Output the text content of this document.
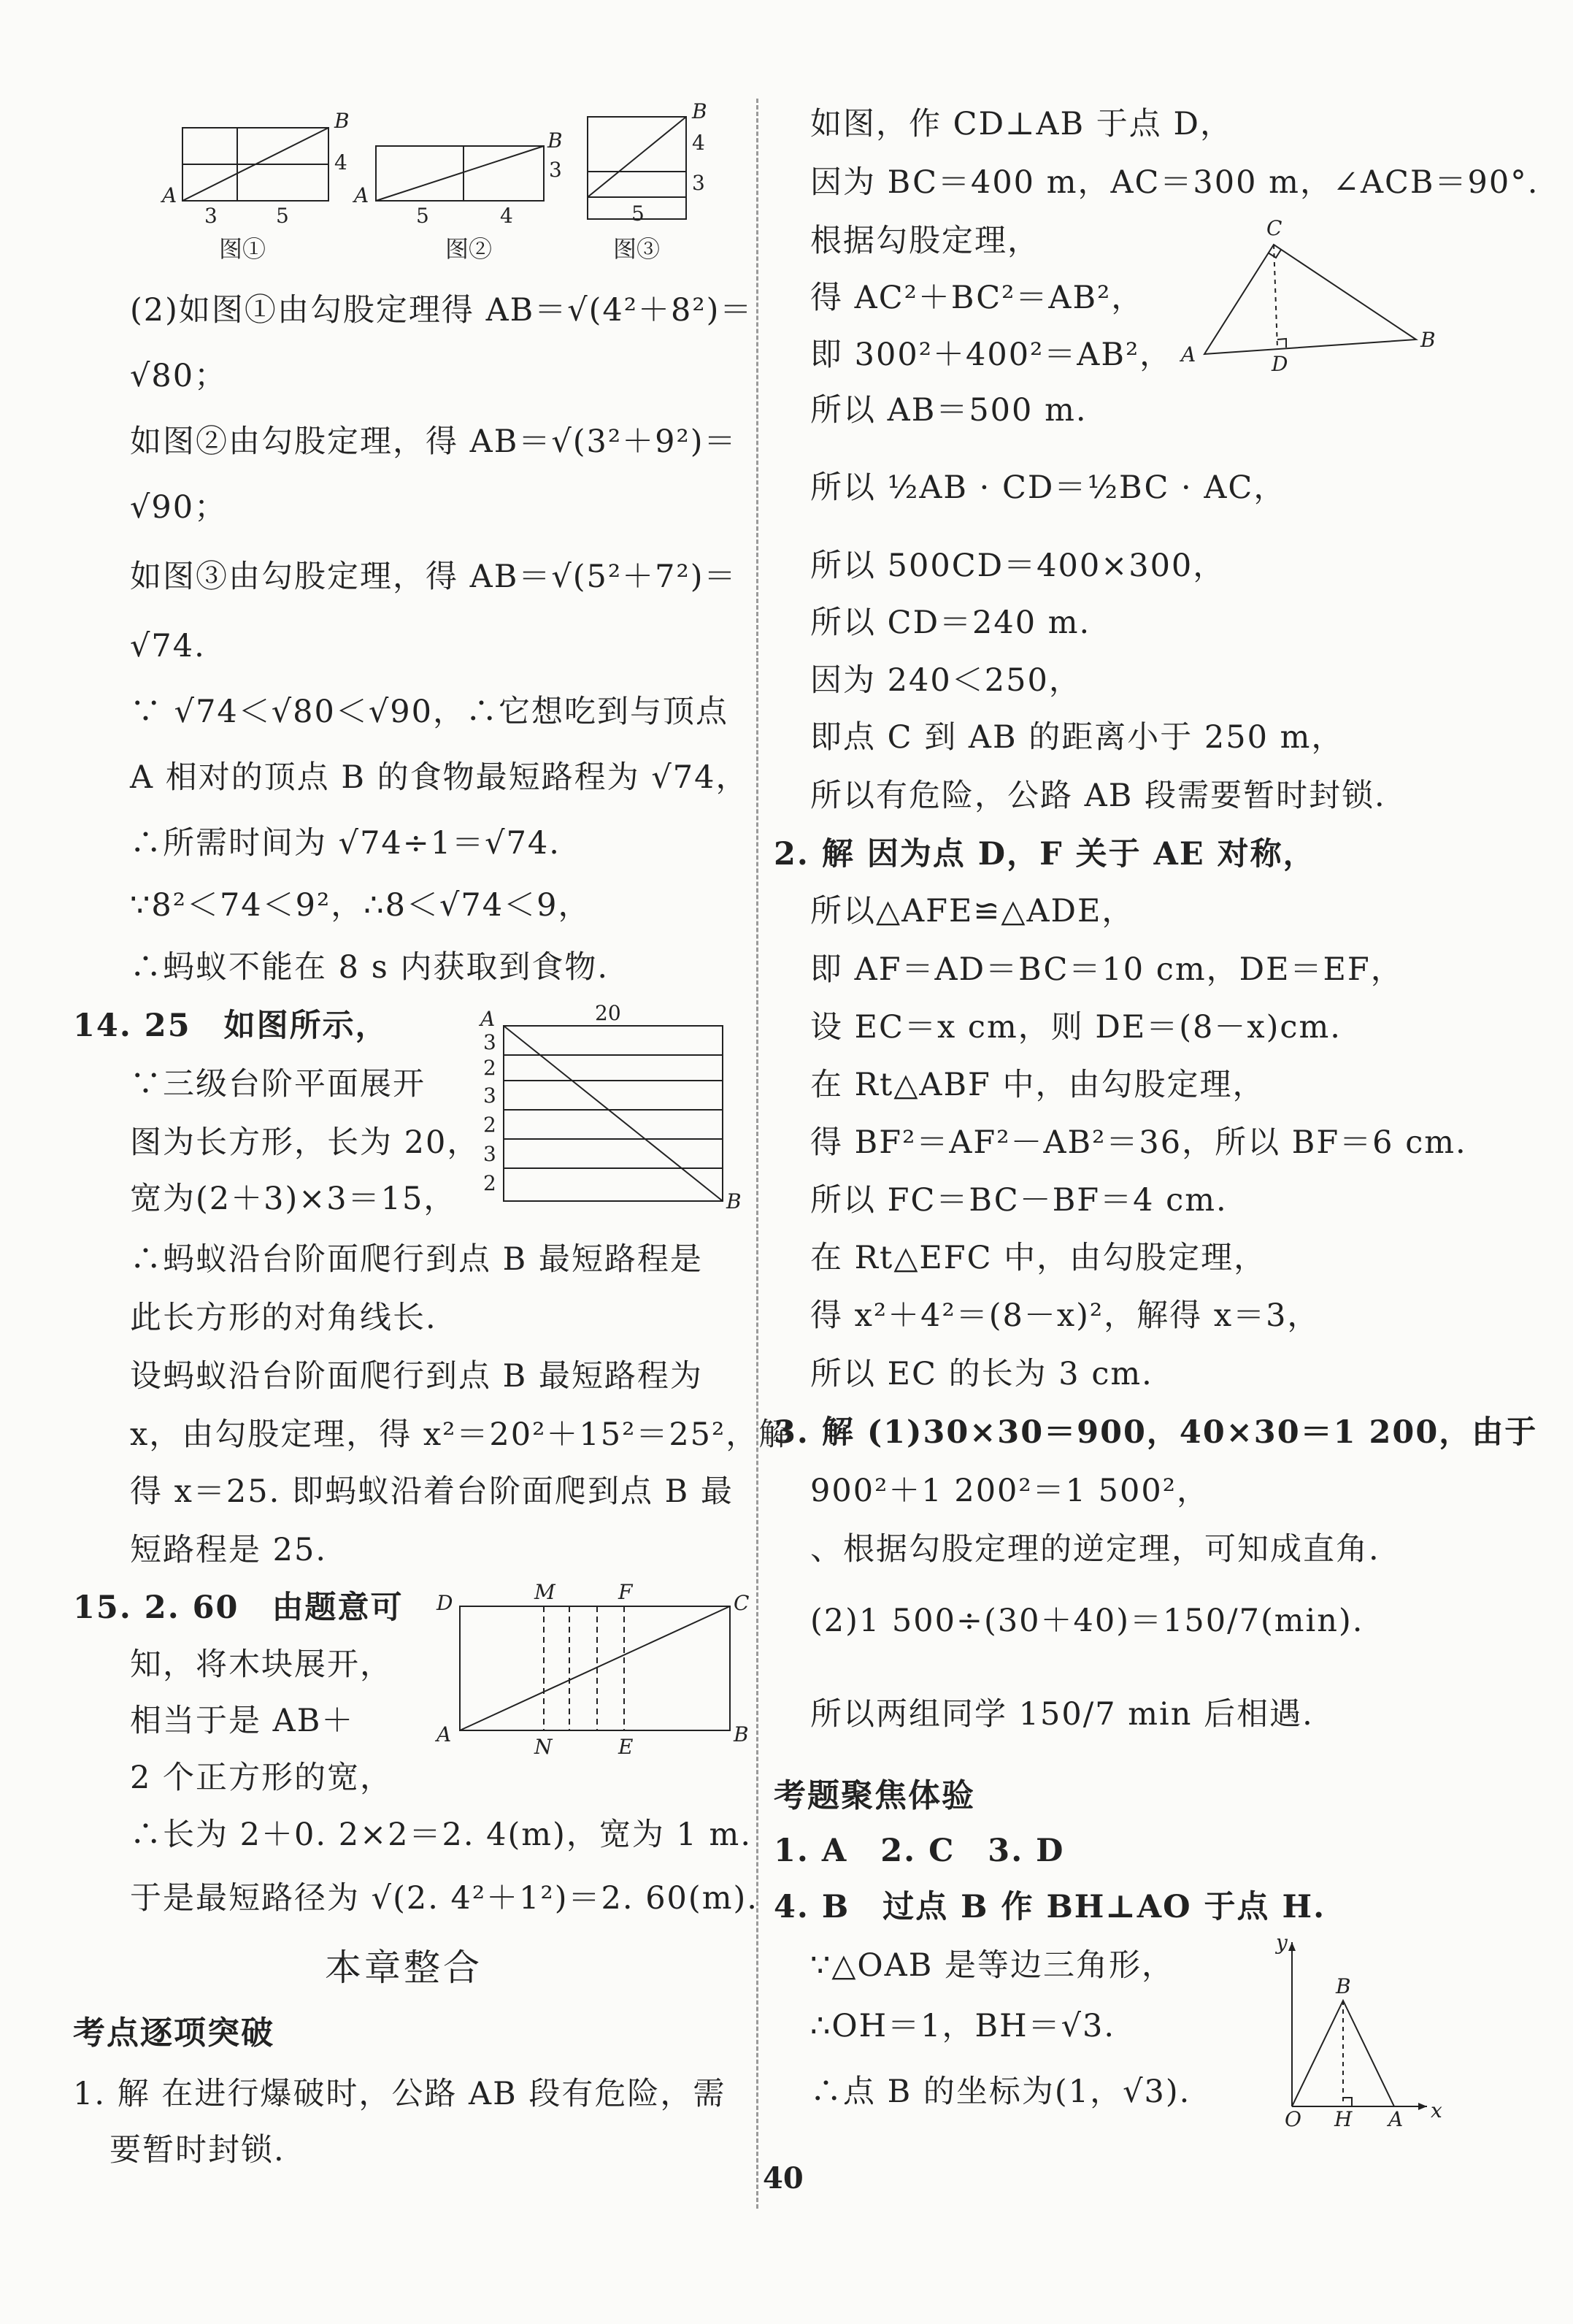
A
B
3	5
4
图①
A
B
5	4
3
图②
B
4
3
5
图③
(2)如图①由勾股定理得 AB＝√(4²＋8²)＝
√80；
如图②由勾股定理，得 AB＝√(3²＋9²)＝
√90；
如图③由勾股定理，得 AB＝√(5²＋7²)＝
√74.
∵ √74＜√80＜√90，∴它想吃到与顶点
A 相对的顶点 B 的食物最短路程为 √74，
∴所需时间为 √74÷1＝√74.
∵8²＜74＜9²，∴8＜√74＜9，
∴蚂蚁不能在 8 s 内获取到食物.
14. 25　如图所示，
∵三级台阶平面展开
图为长方形，长为 20，
宽为(2＋3)×3＝15，
∴蚂蚁沿台阶面爬行到点 B 最短路程是
此长方形的对角线长.
设蚂蚁沿台阶面爬行到点 B 最短路程为
x，由勾股定理，得 x²＝20²＋15²＝25²，解
得 x＝25. 即蚂蚁沿着台阶面爬到点 B 最
短路程是 25.
15. 2. 60　由题意可
知，将木块展开，
相当于是 AB＋
2 个正方形的宽，
∴长为 2＋0. 2×2＝2. 4(m)，宽为 1 m.
于是最短路径为 √(2. 4²＋1²)＝2. 60(m).
本章整合
考点逐项突破
1. 解 在进行爆破时，公路 AB 段有危险，需
要暂时封锁.
A
B
20
3
2
3
2
3
2
D
A
C
B
M	F
N	E
如图，作 CD⊥AB 于点 D，
因为 BC＝400 m，AC＝300 m，∠ACB＝90°.
根据勾股定理，
得 AC²＋BC²＝AB²，
即 300²＋400²＝AB²，
所以 AB＝500 m.
所以 ½AB · CD＝½BC · AC，
所以 500CD＝400×300，
所以 CD＝240 m.
因为 240＜250，
即点 C 到 AB 的距离小于 250 m，
所以有危险，公路 AB 段需要暂时封锁.
2. 解 因为点 D，F 关于 AE 对称，
所以△AFE≌△ADE，
即 AF＝AD＝BC＝10 cm，DE＝EF，
设 EC＝x cm，则 DE＝(8－x)cm.
在 Rt△ABF 中，由勾股定理，
得 BF²＝AF²－AB²＝36，所以 BF＝6 cm.
所以 FC＝BC－BF＝4 cm.
在 Rt△EFC 中，由勾股定理，
得 x²＋4²＝(8－x)²，解得 x＝3，
所以 EC 的长为 3 cm.
3. 解 (1)30×30＝900，40×30＝1 200，由于
900²＋1 200²＝1 500²，
、根据勾股定理的逆定理，可知成直角.
(2)1 500÷(30＋40)＝150/7(min).
所以两组同学 150/7 min 后相遇.
考题聚焦体验
1. A　2. C　3. D
4. B　过点 B 作 BH⊥AO 于点 H.
∵△OAB 是等边三角形，
∴OH＝1，BH＝√3.
∴点 B 的坐标为(1，√3).
C
A
B
D
y
x
O H A
B
40
